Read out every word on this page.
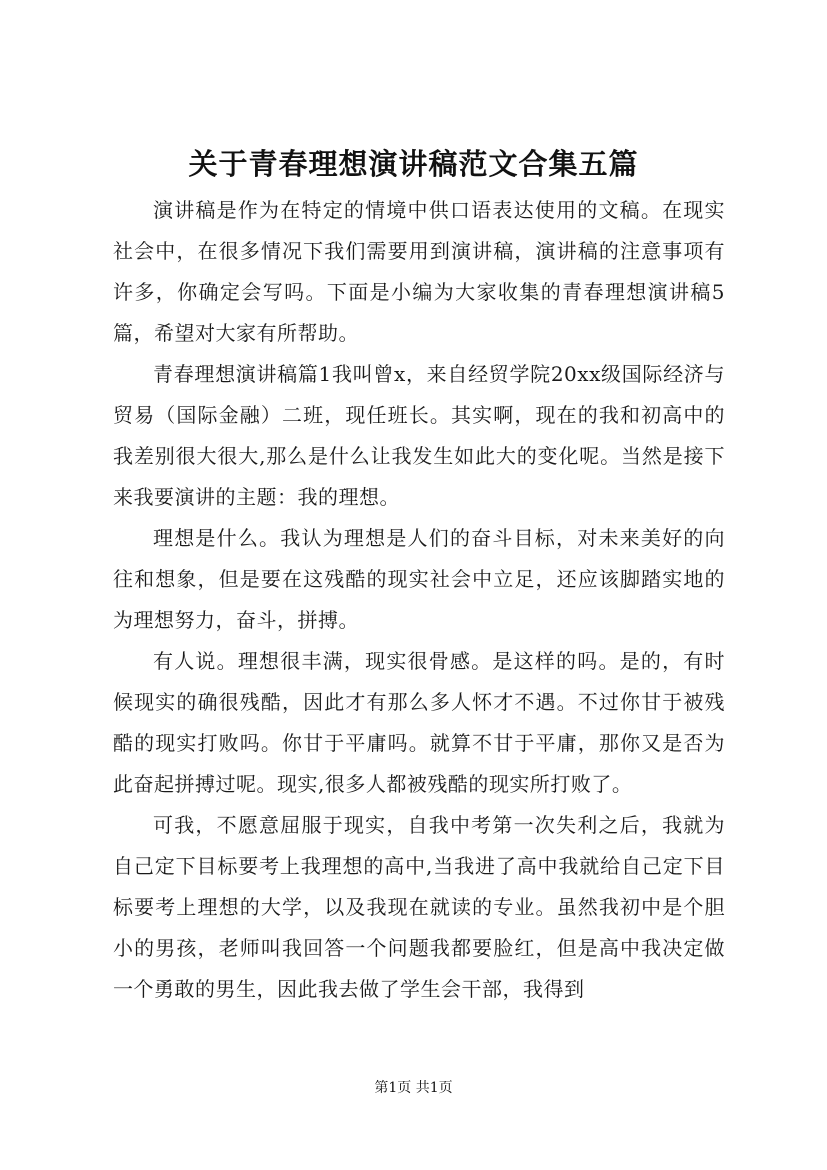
关于青春理想演讲稿范文合集五篇

演讲稿是作为在特定的情境中供口语表达使用的文稿。在现实社会中，在很多情况下我们需要用到演讲稿，演讲稿的注意事项有许多，你确定会写吗。下面是小编为大家收集的青春理想演讲稿5篇，希望对大家有所帮助。

青春理想演讲稿篇1我叫曾x，来自经贸学院20xx级国际经济与贸易（国际金融）二班，现任班长。其实啊，现在的我和初高中的我差别很大很大,那么是什么让我发生如此大的变化呢。当然是接下来我要演讲的主题：我的理想。

理想是什么。我认为理想是人们的奋斗目标，对未来美好的向往和想象，但是要在这残酷的现实社会中立足，还应该脚踏实地的为理想努力，奋斗，拼搏。

有人说。理想很丰满，现实很骨感。是这样的吗。是的，有时候现实的确很残酷，因此才有那么多人怀才不遇。不过你甘于被残酷的现实打败吗。你甘于平庸吗。就算不甘于平庸，那你又是否为此奋起拼搏过呢。现实,很多人都被残酷的现实所打败了。

可我，不愿意屈服于现实，自我中考第一次失利之后，我就为自己定下目标要考上我理想的高中,当我进了高中我就给自己定下目标要考上理想的大学，以及我现在就读的专业。虽然我初中是个胆小的男孩，老师叫我回答一个问题我都要脸红，但是高中我决定做一个勇敢的男生，因此我去做了学生会干部，我得到

第1页 共1页
